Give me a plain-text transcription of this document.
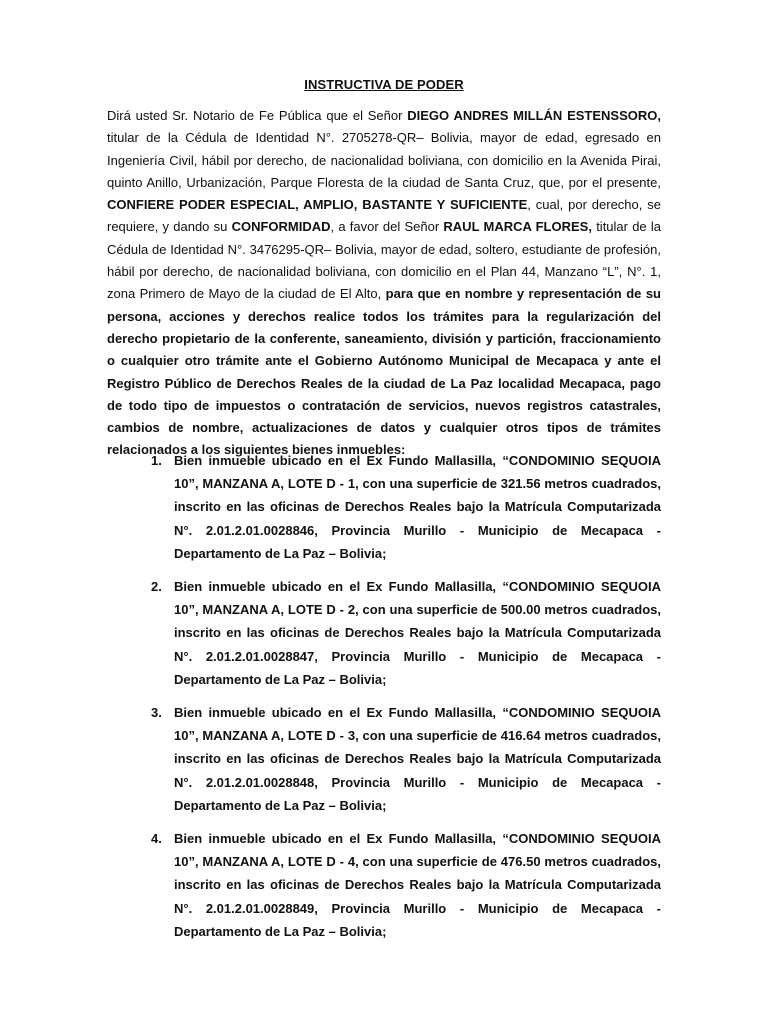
INSTRUCTIVA DE PODER

Dirá usted Sr. Notario de Fe Pública que el Señor DIEGO ANDRES MILLÁN ESTENSSORO, titular de la Cédula de Identidad N°. 2705278-QR– Bolivia, mayor de edad, egresado en Ingeniería Civil, hábil por derecho, de nacionalidad boliviana, con domicilio en la Avenida Pirai, quinto Anillo, Urbanización, Parque Floresta de la ciudad de Santa Cruz, que, por el presente, CONFIERE PODER ESPECIAL, AMPLIO, BASTANTE Y SUFICIENTE, cual, por derecho, se requiere, y dando su CONFORMIDAD, a favor del Señor RAUL MARCA FLORES, titular de la Cédula de Identidad N°. 3476295-QR– Bolivia, mayor de edad, soltero, estudiante de profesión, hábil por derecho, de nacionalidad boliviana, con domicilio en el Plan 44, Manzano “L”, N°. 1, zona Primero de Mayo de la ciudad de El Alto, para que en nombre y representación de su persona, acciones y derechos realice todos los trámites para la regularización del derecho propietario de la conferente, saneamiento, división y partición, fraccionamiento o cualquier otro trámite ante el Gobierno Autónomo Municipal de Mecapaca y ante el Registro Público de Derechos Reales de la ciudad de La Paz localidad Mecapaca, pago de todo tipo de impuestos o contratación de servicios, nuevos registros catastrales, cambios de nombre, actualizaciones de datos y cualquier otros tipos de trámites relacionados a los siguientes bienes inmuebles:

1. Bien inmueble ubicado en el Ex Fundo Mallasilla, “CONDOMINIO SEQUOIA 10”, MANZANA A, LOTE D - 1, con una superficie de 321.56 metros cuadrados, inscrito en las oficinas de Derechos Reales bajo la Matrícula Computarizada N°. 2.01.2.01.0028846, Provincia Murillo - Municipio de Mecapaca - Departamento de La Paz – Bolivia;
2. Bien inmueble ubicado en el Ex Fundo Mallasilla, “CONDOMINIO SEQUOIA 10”, MANZANA A, LOTE D - 2, con una superficie de 500.00 metros cuadrados, inscrito en las oficinas de Derechos Reales bajo la Matrícula Computarizada N°. 2.01.2.01.0028847, Provincia Murillo - Municipio de Mecapaca - Departamento de La Paz – Bolivia;
3. Bien inmueble ubicado en el Ex Fundo Mallasilla, “CONDOMINIO SEQUOIA 10”, MANZANA A, LOTE D - 3, con una superficie de 416.64 metros cuadrados, inscrito en las oficinas de Derechos Reales bajo la Matrícula Computarizada N°. 2.01.2.01.0028848, Provincia Murillo - Municipio de Mecapaca - Departamento de La Paz – Bolivia;
4. Bien inmueble ubicado en el Ex Fundo Mallasilla, “CONDOMINIO SEQUOIA 10”, MANZANA A, LOTE D - 4, con una superficie de 476.50 metros cuadrados, inscrito en las oficinas de Derechos Reales bajo la Matrícula Computarizada N°. 2.01.2.01.0028849, Provincia Murillo - Municipio de Mecapaca - Departamento de La Paz – Bolivia;
